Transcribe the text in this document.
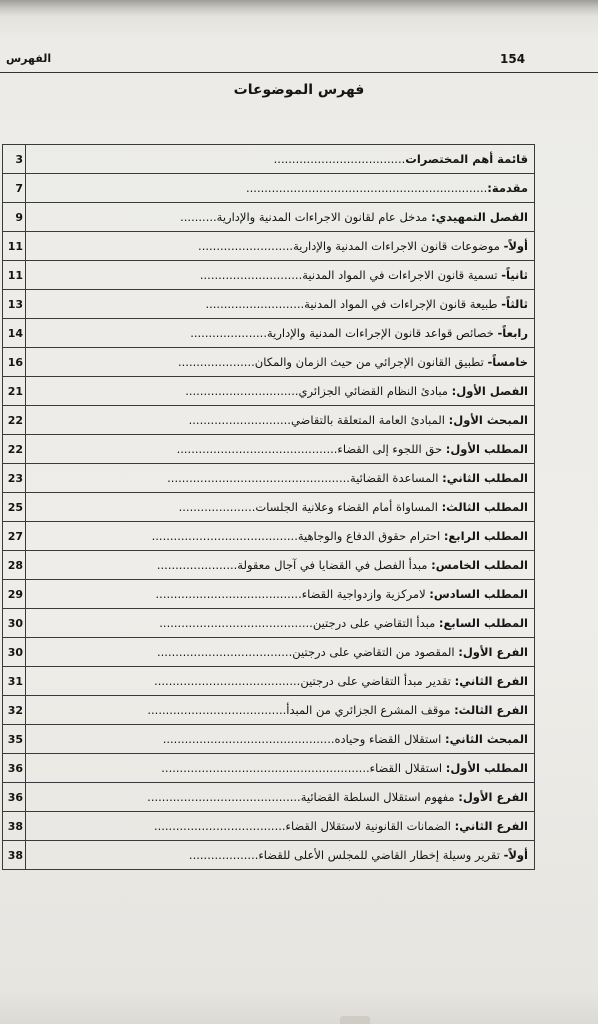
154
الفهرس
فهرس الموضوعات
3	قائمة أهم المختصرات....................................
7	مقدمة:..................................................................
9	الفصل التمهيدي: مدخل عام لقانون الاجراءات المدنية والإدارية..........
11	أولاً- موضوعات قانون الاجراءات المدنية والإدارية..........................
11	ثانياً- تسمية قانون الاجراءات في المواد المدنية............................
13	ثالثاً- طبيعة قانون الإجراءات في المواد المدنية...........................
14	رابعاً- خصائص قواعد قانون الإجراءات المدنية والإدارية.....................
16	خامساً- تطبيق القانون الإجرائي من حيث الزمان والمكان.....................
21	الفصل الأول: مبادئ النظام القضائي الجزائري...............................
22	المبحث الأول: المبادئ العامة المتعلقة بالتقاضي............................
22	المطلب الأول: حق اللجوء إلى القضاء............................................
23	المطلب الثاني: المساعدة القضائية..................................................
25	المطلب الثالث: المساواة أمام القضاء وعلانية الجلسات.....................
27	المطلب الرابع: احترام حقوق الدفاع والوجاهية........................................
28	المطلب الخامس: مبدأ الفصل في القضايا في آجال معقولة......................
29	المطلب السادس: لامركزية وازدواجية القضاء........................................
30	المطلب السابع: مبدأ التقاضي على درجتين..........................................
30	الفرع الأول: المقصود من التقاضي على درجتين.....................................
31	الفرع الثاني: تقدير مبدأ التقاضي على درجتين........................................
32	الفرع الثالث: موقف المشرع الجزائري من المبدأ......................................
35	المبحث الثاني: استقلال القضاء وحياده...............................................
36	المطلب الأول: استقلال القضاء.........................................................
36	الفرع الأول: مفهوم استقلال السلطة القضائية..........................................
38	الفرع الثاني: الضمانات القانونية لاستقلال القضاء....................................
38	أولاً- تقرير وسيلة إخطار القاضي للمجلس الأعلى للقضاء...................
